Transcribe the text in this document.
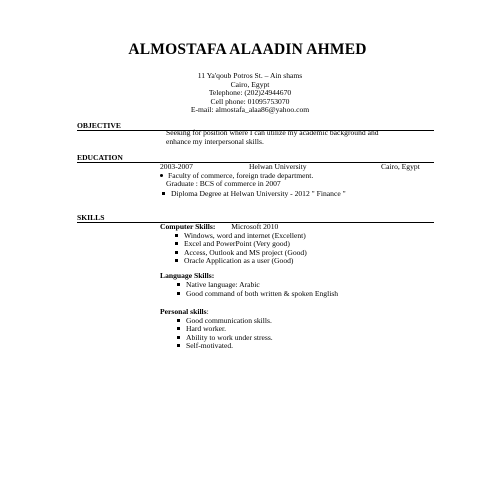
ALMOSTAFA ALAADIN AHMED
11 Ya'qoub Potros St. – Ain shams
Cairo, Egypt
Telephone: (202)24944670
Cell phone: 01095753070
E-mail: almostafa_alaa86@yahoo.com
OBJECTIVE
Seeking for position where I can utilize my academic background and
enhance my interpersonal skills.
EDUCATION
2003-2007	Helwan University	Cairo, Egypt
Faculty of commerce, foreign trade department.
Graduate : BCS of commerce in 2007
Diploma Degree at Helwan University - 2012 " Finance "
SKILLS
Computer Skills: Microsoft 2010
Windows, word and internet (Excellent)
Excel and PowerPoint (Very good)
Access, Outlook and MS project (Good)
Oracle Application as a user (Good)
Language Skills:
Native language: Arabic
Good command of both written & spoken English
Personal skills:
Good communication skills.
Hard worker.
Ability to work under stress.
Self-motivated.
